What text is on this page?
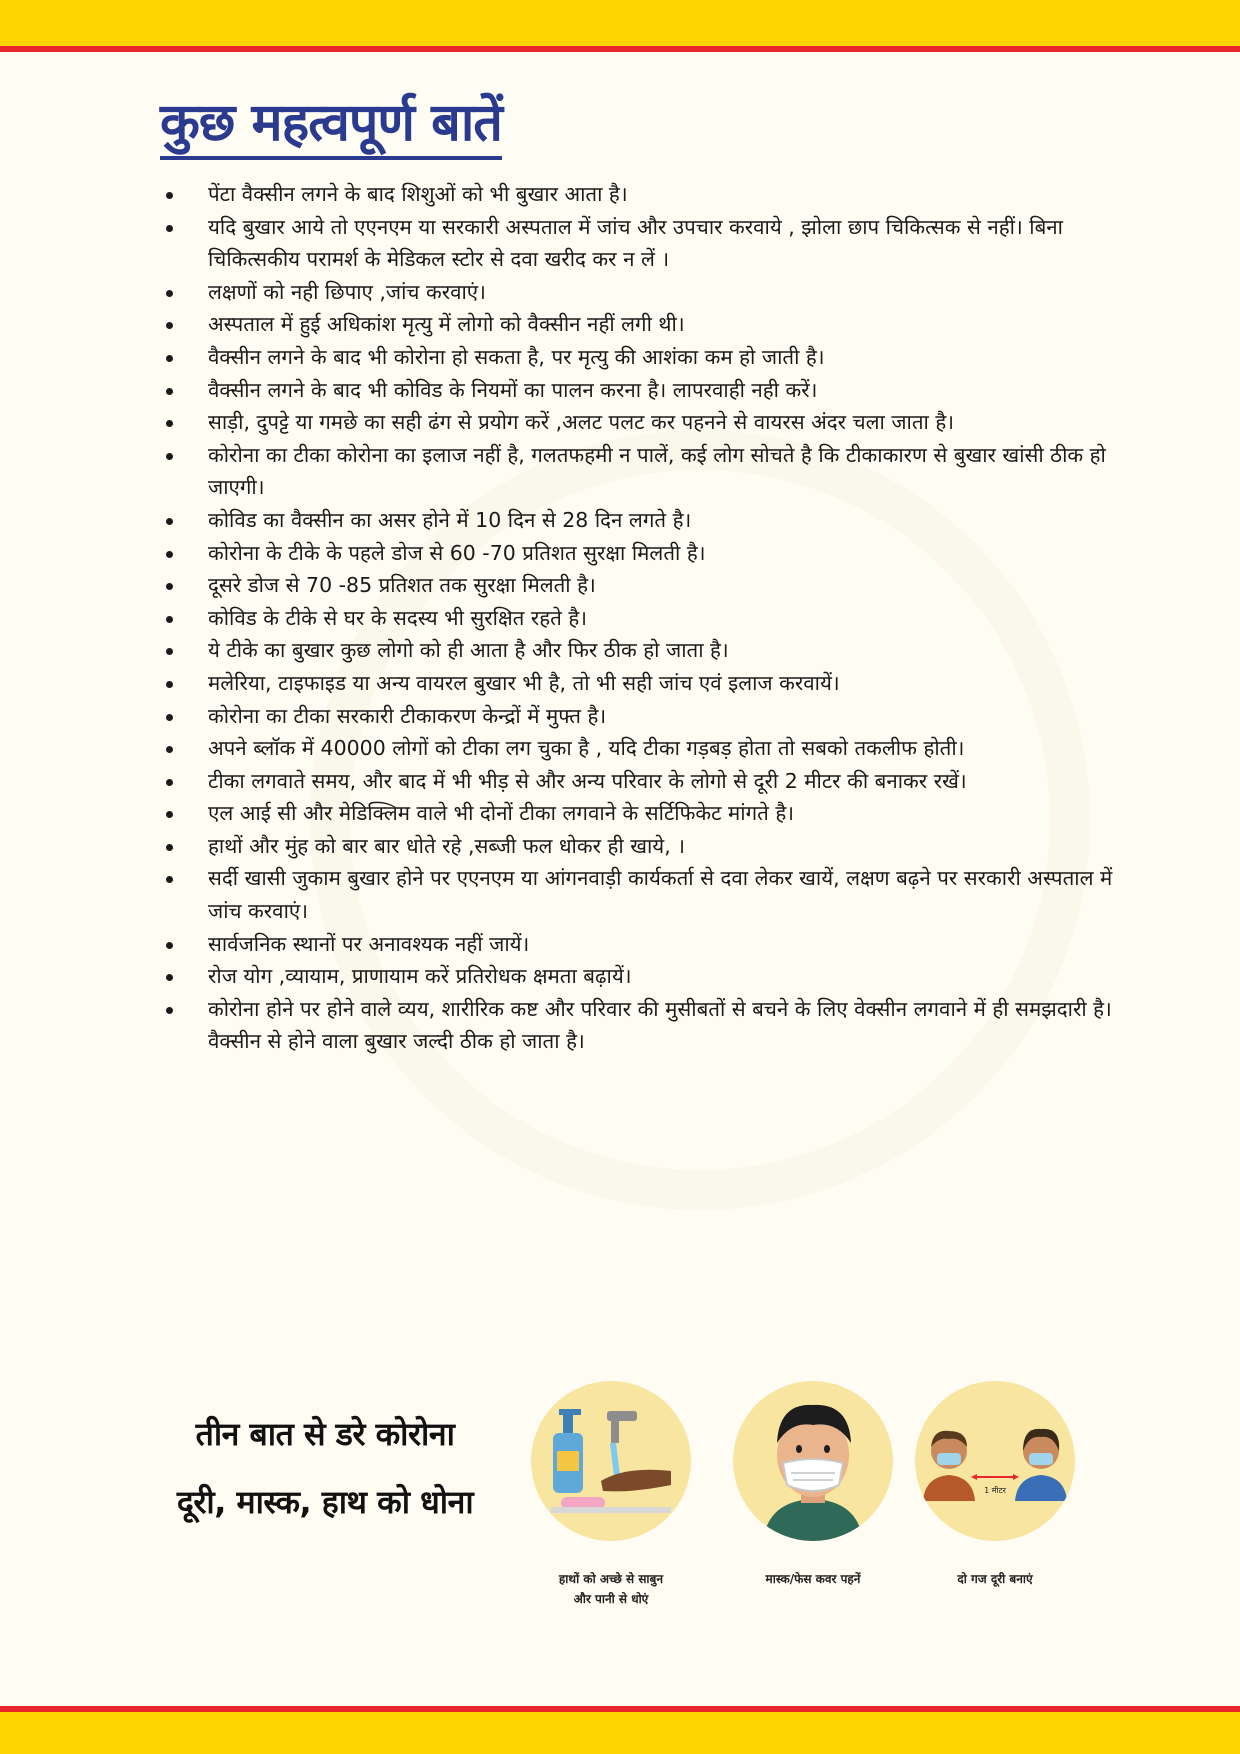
कुछ महत्वपूर्ण बातें
पेंटा वैक्सीन लगने के बाद शिशुओं को भी बुखार आता है।
यदि बुखार आये तो एएनएम या सरकारी अस्पताल में जांच और उपचार करवाये , झोला छाप चिकित्सक से नहीं। बिना चिकित्सकीय परामर्श के मेडिकल स्टोर से दवा खरीद कर न लें ।
लक्षणों को नही छिपाए ,जांच करवाएं।
अस्पताल में हुई अधिकांश मृत्यु में लोगो को वैक्सीन नहीं लगी थी।
वैक्सीन लगने के बाद भी कोरोना हो सकता है, पर मृत्यु की आशंका कम हो जाती है।
वैक्सीन लगने के बाद भी कोविड के नियमों का पालन करना है। लापरवाही नही करें।
साड़ी, दुपट्टे या गमछे का सही ढंग से प्रयोग करें ,अलट पलट कर पहनने से वायरस अंदर चला जाता है।
कोरोना का टीका कोरोना का इलाज नहीं है, गलतफहमी न पालें, कई लोग सोचते है कि टीकाकारण से बुखार खांसी ठीक हो जाएगी।
कोविड का वैक्सीन का असर होने में 10 दिन से 28 दिन लगते है।
कोरोना के टीके के पहले डोज से 60 -70 प्रतिशत सुरक्षा मिलती है।
दूसरे डोज से 70 -85 प्रतिशत तक सुरक्षा मिलती है।
कोविड के टीके से घर के सदस्य भी सुरक्षित रहते है।
ये टीके का बुखार कुछ लोगो को ही आता है और फिर ठीक हो जाता है।
मलेरिया, टाइफाइड या अन्य वायरल बुखार भी है, तो भी सही जांच एवं इलाज करवायें।
कोरोना का टीका सरकारी टीकाकरण केन्द्रों में मुफ्त है।
अपने ब्लॉक में 40000 लोगों को टीका लग चुका है , यदि टीका गड़बड़ होता तो सबको तकलीफ होती।
टीका लगवाते समय, और बाद में भी भीड़ से और अन्य परिवार के लोगो से दूरी 2 मीटर की बनाकर रखें।
एल आई सी और मेडिक्लिम वाले भी दोनों टीका लगवाने के सर्टिफिकेट मांगते है।
हाथों और मुंह को बार बार धोते रहे ,सब्जी फल धोकर ही खाये, ।
सर्दी खासी जुकाम बुखार होने पर एएनएम या आंगनवाड़ी कार्यकर्ता से दवा लेकर खायें, लक्षण बढ़ने पर सरकारी अस्पताल में जांच करवाएं।
सार्वजनिक स्थानों पर अनावश्यक नहीं जायें।
रोज योग ,व्यायाम, प्राणायाम करें प्रतिरोधक क्षमता बढ़ायें।
कोरोना होने पर होने वाले व्यय, शारीरिक कष्ट और परिवार की मुसीबतों से बचने के लिए वेक्सीन लगवाने में ही समझदारी है। वैक्सीन से होने वाला बुखार जल्दी ठीक हो जाता है।
तीन बात से डरे कोरोना
दूरी, मास्क, हाथ को धोना
हाथों को अच्छे से साबुन
और पानी से धोएं
मास्क/फेस कवर पहनें
1 मीटर
दो गज दूरी बनाएं
